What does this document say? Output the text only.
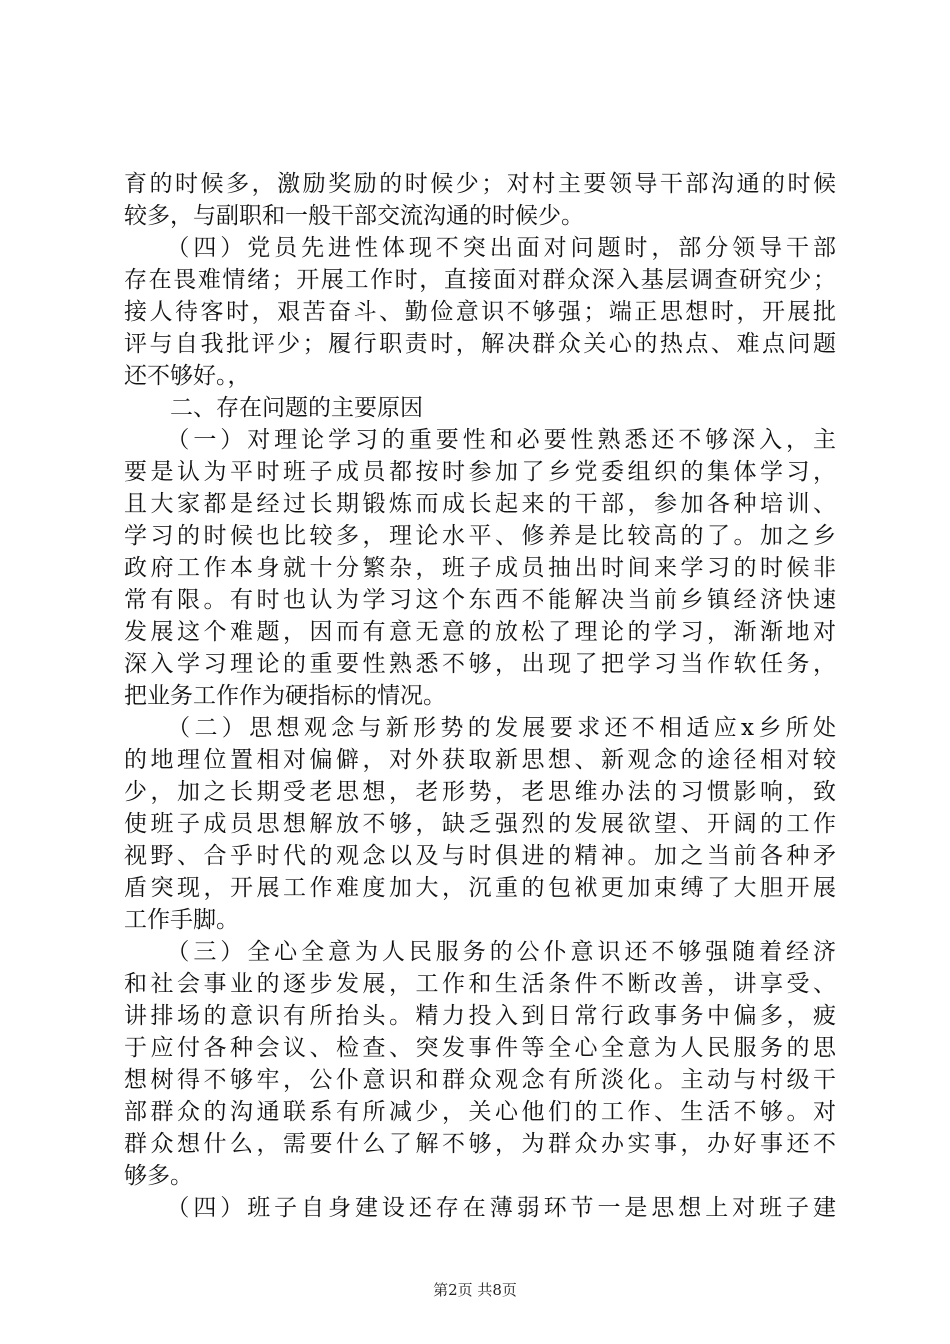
育的时候多，激励奖励的时候少；对村主要领导干部沟通的时候
较多，与副职和一般干部交流沟通的时候少。
　　（四）党员先进性体现不突出面对问题时，部分领导干部
存在畏难情绪；开展工作时，直接面对群众深入基层调查研究少；
接人待客时，艰苦奋斗、勤俭意识不够强；端正思想时，开展批
评与自我批评少；履行职责时，解决群众关心的热点、难点问题
还不够好。，
　　二、存在问题的主要原因
　　（一）对理论学习的重要性和必要性熟悉还不够深入，主
要是认为平时班子成员都按时参加了乡党委组织的集体学习，
且大家都是经过长期锻炼而成长起来的干部，参加各种培训、
学习的时候也比较多，理论水平、修养是比较高的了。加之乡
政府工作本身就十分繁杂，班子成员抽出时间来学习的时候非
常有限。有时也认为学习这个东西不能解决当前乡镇经济快速
发展这个难题，因而有意无意的放松了理论的学习，渐渐地对
深入学习理论的重要性熟悉不够，出现了把学习当作软任务，
把业务工作作为硬指标的情况。
　　（二）思想观念与新形势的发展要求还不相适应x乡所处
的地理位置相对偏僻，对外获取新思想、新观念的途径相对较
少，加之长期受老思想，老形势，老思维办法的习惯影响，致
使班子成员思想解放不够，缺乏强烈的发展欲望、开阔的工作
视野、合乎时代的观念以及与时俱进的精神。加之当前各种矛
盾突现，开展工作难度加大，沉重的包袱更加束缚了大胆开展
工作手脚。
　　（三）全心全意为人民服务的公仆意识还不够强随着经济
和社会事业的逐步发展，工作和生活条件不断改善，讲享受、
讲排场的意识有所抬头。精力投入到日常行政事务中偏多，疲
于应付各种会议、检查、突发事件等全心全意为人民服务的思
想树得不够牢，公仆意识和群众观念有所淡化。主动与村级干
部群众的沟通联系有所减少，关心他们的工作、生活不够。对
群众想什么，需要什么了解不够，为群众办实事，办好事还不
够多。
　　（四）班子自身建设还存在薄弱环节一是思想上对班子建
第2页 共8页
